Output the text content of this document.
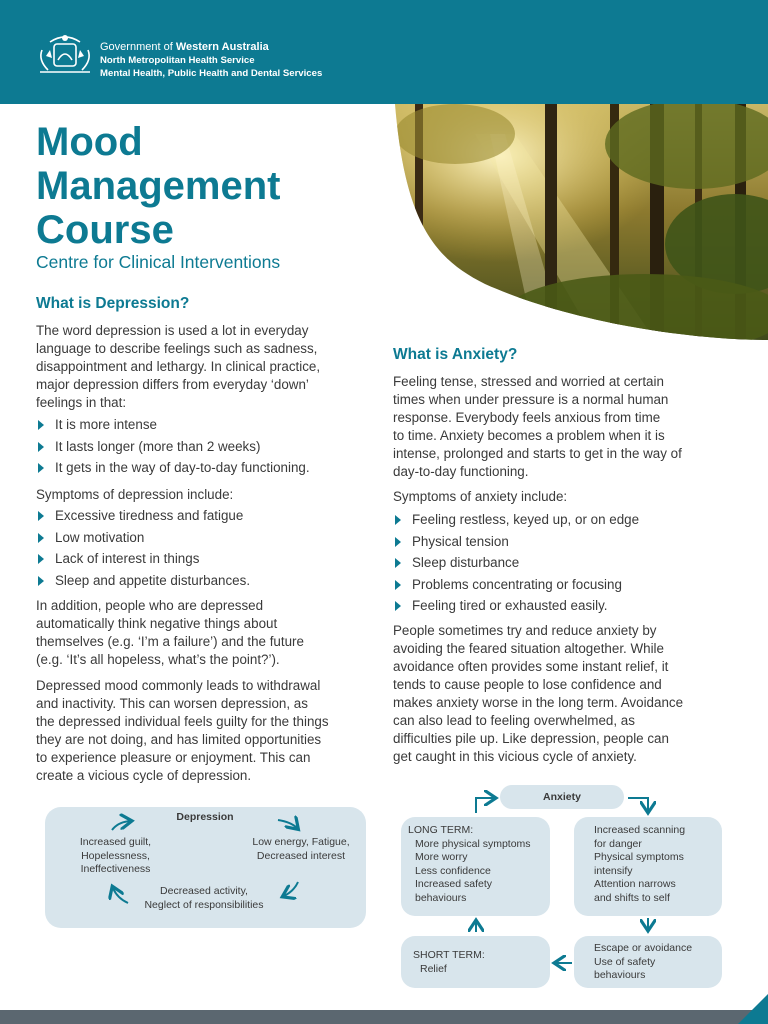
Government of Western Australia
North Metropolitan Health Service
Mental Health, Public Health and Dental Services
Mood
Management
Course
Centre for Clinical Interventions
What is Depression?
The word depression is used a lot in everyday
language to describe feelings such as sadness,
disappointment and lethargy. In clinical practice,
major depression differs from everyday ‘down’
feelings in that:
It is more intense
It lasts longer (more than 2 weeks)
It gets in the way of day-to-day functioning.
Symptoms of depression include:
Excessive tiredness and fatigue
Low motivation
Lack of interest in things
Sleep and appetite disturbances.
In addition, people who are depressed
automatically think negative things about
themselves (e.g. ‘I’m a failure’) and the future
(e.g. ‘It’s all hopeless, what’s the point?’).
Depressed mood commonly leads to withdrawal
and inactivity. This can worsen depression, as
the depressed individual feels guilty for the things
they are not doing, and has limited opportunities
to experience pleasure or enjoyment. This can
create a vicious cycle of depression.
What is Anxiety?
Feeling tense, stressed and worried at certain
times when under pressure is a normal human
response. Everybody feels anxious from time
to time. Anxiety becomes a problem when it is
intense, prolonged and starts to get in the way of
day-to-day functioning.
Symptoms of anxiety include:
Feeling restless, keyed up, or on edge
Physical tension
Sleep disturbance
Problems concentrating or focusing
Feeling tired or exhausted easily.
People sometimes try and reduce anxiety by
avoiding the feared situation altogether. While
avoidance often provides some instant relief, it
tends to cause people to lose confidence and
makes anxiety worse in the long term. Avoidance
can also lead to feeling overwhelmed, as
difficulties pile up. Like depression, people can
get caught in this vicious cycle of anxiety.
Depression
Increased guilt,
Hopelessness,
Ineffectiveness
Low energy, Fatigue,
Decreased interest
Decreased activity,
Neglect of responsibilities
Anxiety
LONG TERM:
More physical symptoms
More worry
Less confidence
Increased safety
behaviours
Increased scanning
for danger
Physical symptoms
intensify
Attention narrows
and shifts to self
SHORT TERM:
Relief
Escape or avoidance
Use of safety
behaviours
